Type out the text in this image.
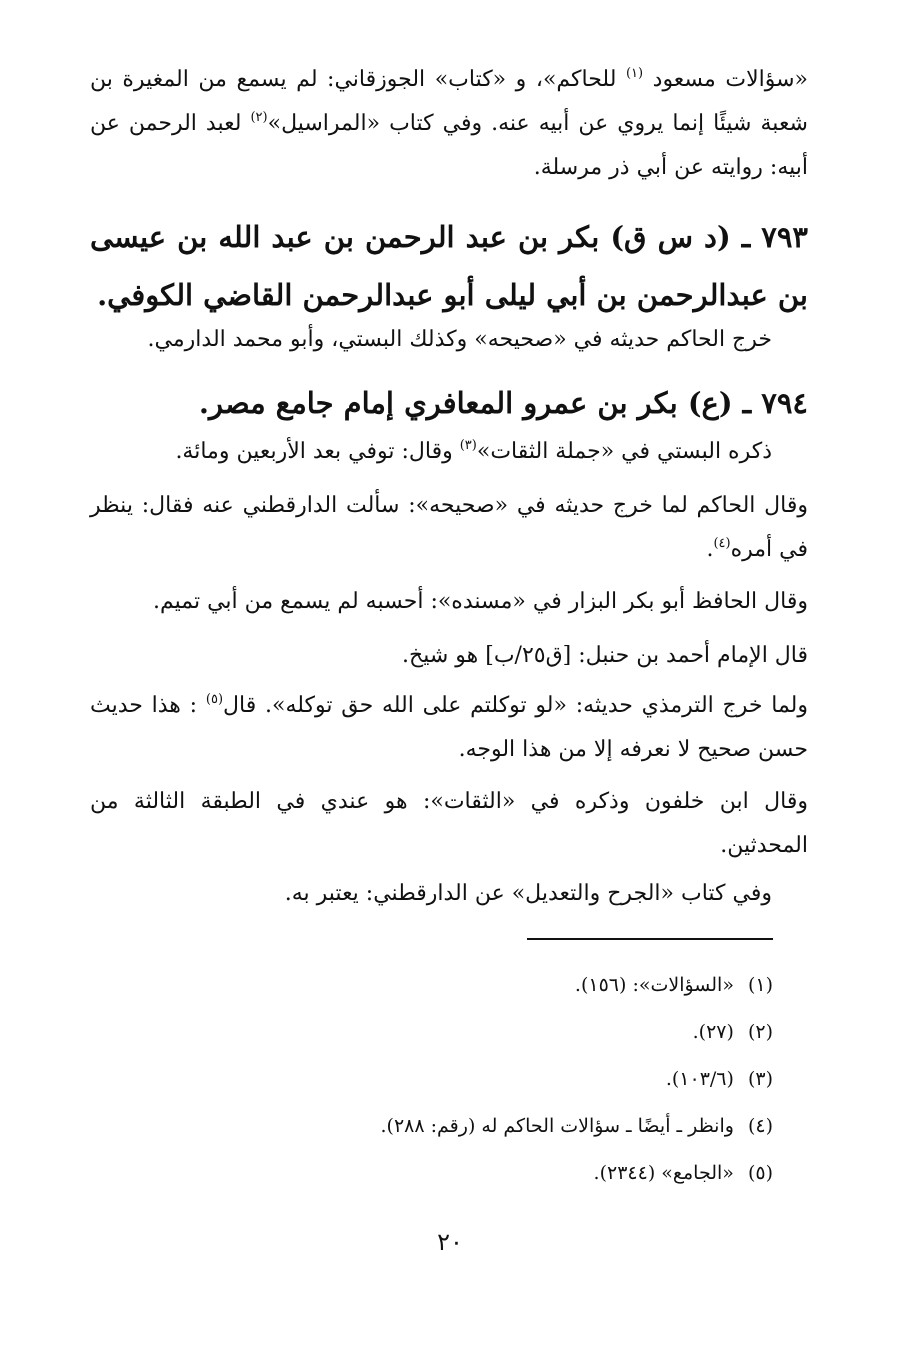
«سؤالات مسعود $^{(١)}$ للحاكم»، و «كتاب» الجوزقاني: لم يسمع من المغيرة بن شعبة شيئًا إنما يروي عن أبيه عنه. وفي كتاب «المراسيل»$^{(٢)}$ لعبد الرحمن عن أبيه: روايته عن أبي ذر مرسلة.

٧٩٣ ـ (د س ق) بكر بن عبد الرحمن بن عبد الله بن عيسى بن عبدالرحمن بن أبي ليلى أبو عبدالرحمن القاضي الكوفي.

خرج الحاكم حديثه في «صحيحه» وكذلك البستي، وأبو محمد الدارمي.

٧٩٤ ـ (ع) بكر بن عمرو المعافري إمام جامع مصر.

ذكره البستي في «جملة الثقات»$^{(٣)}$ وقال: توفي بعد الأربعين ومائة.

وقال الحاكم لما خرج حديثه في «صحيحه»: سألت الدارقطني عنه فقال: ينظر في أمره$^{(٤)}$.

وقال الحافظ أبو بكر البزار في «مسنده»: أحسبه لم يسمع من أبي تميم.

قال الإمام أحمد بن حنبل: [ق٢٥/ب] هو شيخ.

ولما خرج الترمذي حديثه: «لو توكلتم على الله حق توكله». قال$^{(٥)}$ : هذا حديث حسن صحيح لا نعرفه إلا من هذا الوجه.

وقال ابن خلفون وذكره في «الثقات»: هو عندي في الطبقة الثالثة من المحدثين.

وفي كتاب «الجرح والتعديل» عن الدارقطني: يعتبر به.

(١)«السؤالات»: (١٥٦).
(٢)(٢٧).
(٣)(١٠٣/٦).
(٤)وانظر ـ أيضًا ـ سؤالات الحاكم له (رقم: ٢٨٨).
(٥)«الجامع» (٢٣٤٤).
٢٠
